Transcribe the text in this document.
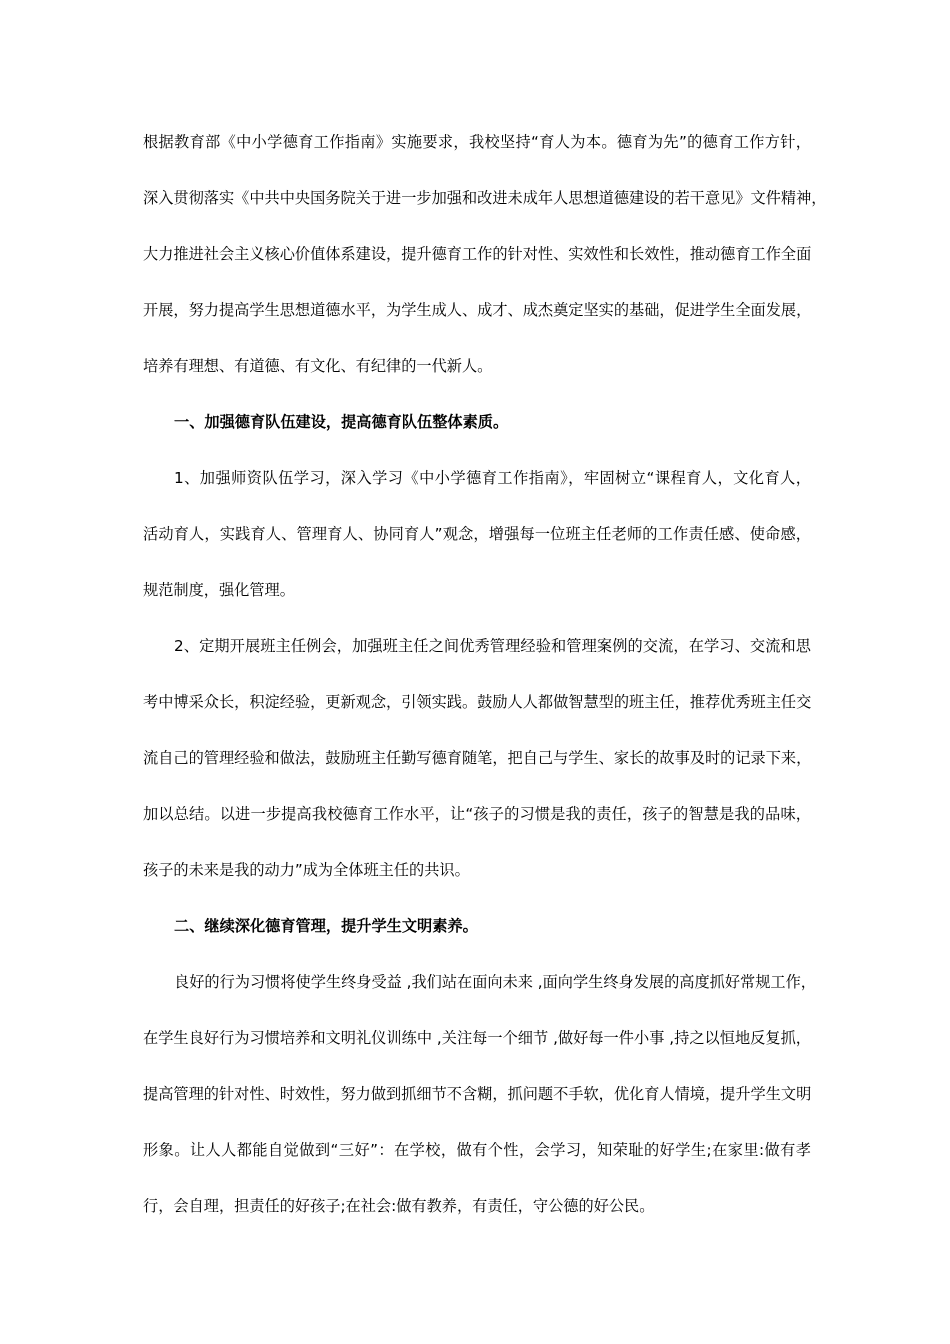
根据教育部《中小学德育工作指南》实施要求，我校坚持“育人为本。德育为先”的德育工作方针，
深入贯彻落实《中共中央国务院关于进一步加强和改进未成年人思想道德建设的若干意见》文件精神，
大力推进社会主义核心价值体系建设，提升德育工作的针对性、实效性和长效性，推动德育工作全面
开展，努力提高学生思想道德水平，为学生成人、成才、成杰奠定坚实的基础，促进学生全面发展，
培养有理想、有道德、有文化、有纪律的一代新人。
一、加强德育队伍建设，提高德育队伍整体素质。
1、加强师资队伍学习，深入学习《中小学德育工作指南》，牢固树立“课程育人，文化育人，
活动育人，实践育人、管理育人、协同育人”观念，增强每一位班主任老师的工作责任感、使命感，
规范制度，强化管理。
2、定期开展班主任例会，加强班主任之间优秀管理经验和管理案例的交流，在学习、交流和思
考中博采众长，积淀经验，更新观念，引领实践。鼓励人人都做智慧型的班主任，推荐优秀班主任交
流自己的管理经验和做法，鼓励班主任勤写德育随笔，把自己与学生、家长的故事及时的记录下来，
加以总结。以进一步提高我校德育工作水平，让“孩子的习惯是我的责任，孩子的智慧是我的品味，
孩子的未来是我的动力”成为全体班主任的共识。
二、继续深化德育管理，提升学生文明素养。
良好的行为习惯将使学生终身受益 ,我们站在面向未来 ,面向学生终身发展的高度抓好常规工作，
在学生良好行为习惯培养和文明礼仪训练中 ,关注每一个细节 ,做好每一件小事 ,持之以恒地反复抓，
提高管理的针对性、时效性，努力做到抓细节不含糊，抓问题不手软，优化育人情境，提升学生文明
形象。让人人都能自觉做到“三好”：在学校，做有个性，会学习，知荣耻的好学生;在家里:做有孝
行，会自理，担责任的好孩子;在社会:做有教养，有责任，守公德的好公民。
